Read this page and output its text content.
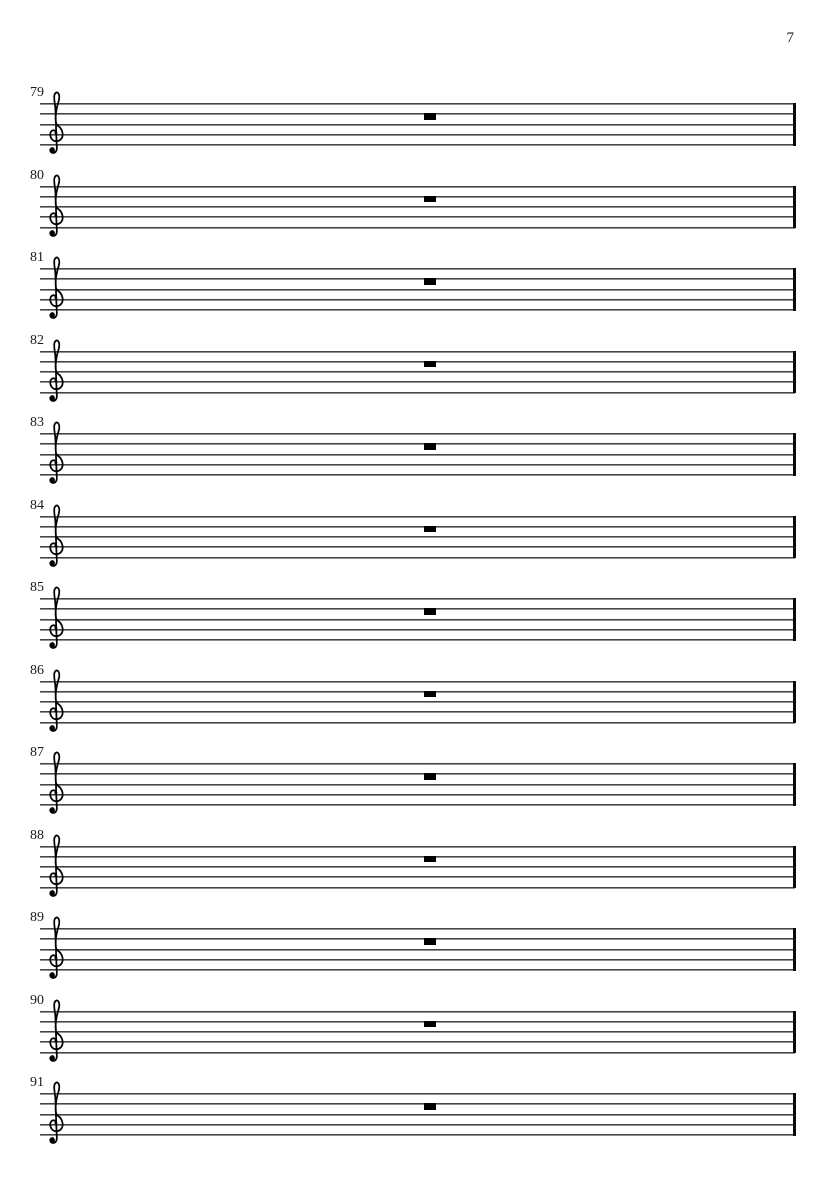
7
79
80
81
82
83
84
85
86
87
88
89
90
91
